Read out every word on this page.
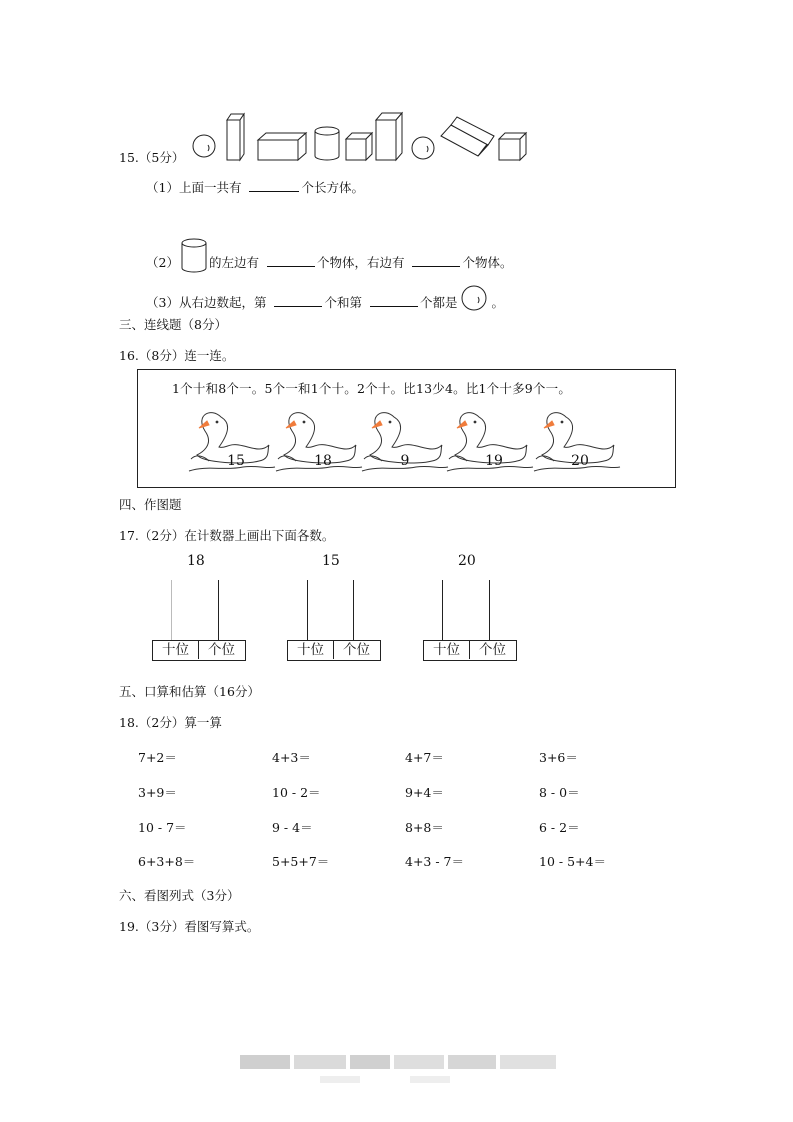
15.（5分）
（1）上面一共有	个长方体。
（2） 的左边有	个物体，右边有	个物体。
（3）从右边数起，第	个和第	个都是	。
三、连线题（8分）
16.（8分）连一连。
1个十和8个一。5个一和1个十。2个十。比13少4。比1个十多9个一。
15	18	9	19	20
四、作图题
17.（2分）在计数器上画出下面各数。
18
十位	个位
15
十位	个位
20
十位	个位
五、口算和估算（16分）
18.（2分）算一算
7+2＝	4+3＝	4+7＝	3+6＝
3+9＝	10 - 2＝	9+4＝	8 - 0＝
10 - 7＝	9 - 4＝	8+8＝	6 - 2＝
6+3+8＝	5+5+7＝	4+3 - 7＝	10 - 5+4＝
六、看图列式（3分）
19.（3分）看图写算式。
